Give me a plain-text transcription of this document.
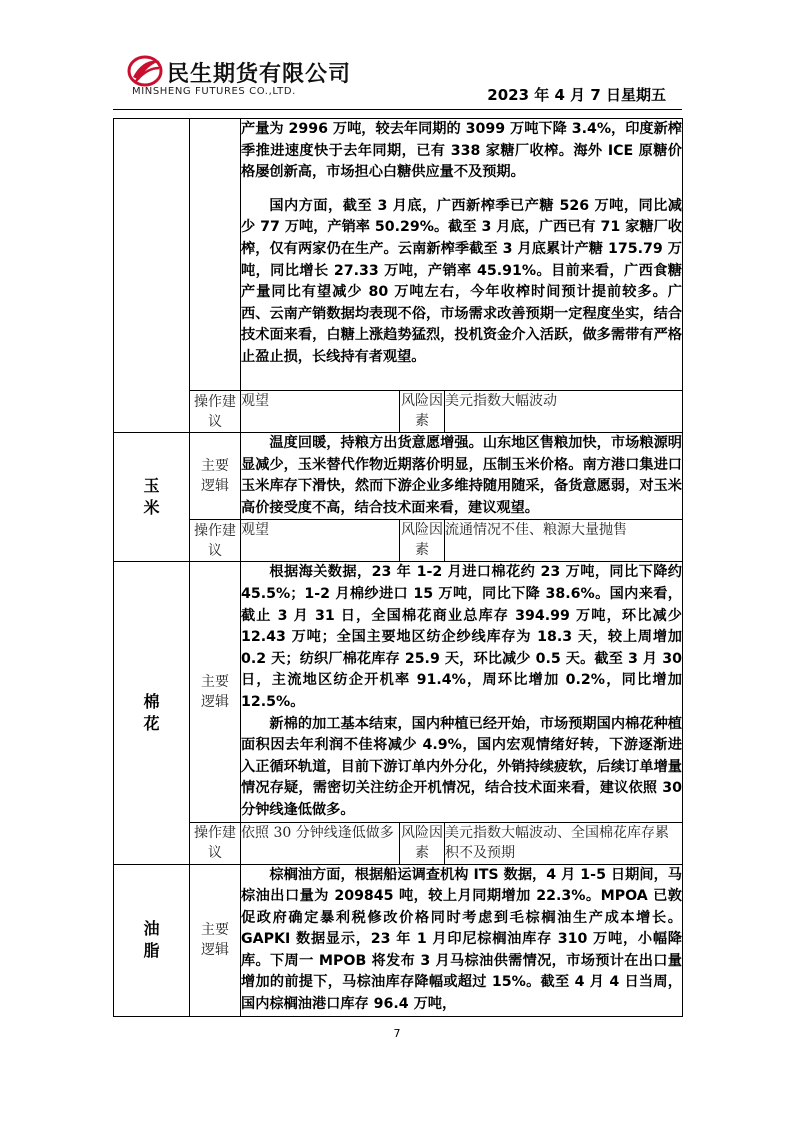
民生期货有限公司
MINSHENG FUTURES CO.,LTD.	2023 年 4 月 7 日星期五

		产量为 2996 万吨，较去年同期的 3099 万吨下降 3.4%，印度新榨季推进速度快于去年同期，已有 338 家糖厂收榨。海外 ICE 原糖价格屡创新高，市场担心白糖供应量不及预期。

国内方面，截至 3 月底，广西新榨季已产糖 526 万吨，同比减少 77 万吨，产销率 50.29%。截至 3 月底，广西已有 71 家糖厂收榨，仅有两家仍在生产。云南新榨季截至 3 月底累计产糖 175.79 万吨，同比增长 27.33 万吨，产销率 45.91%。目前来看，广西食糖产量同比有望减少 80 万吨左右，今年收榨时间预计提前较多。广西、云南产销数据均表现不俗，市场需求改善预期一定程度坐实，结合技术面来看，白糖上涨趋势猛烈，投机资金介入活跃，做多需带有严格止盈止损，长线持有者观望。		

	操作建议	观望	风险因素	美元指数大幅波动

玉米	主要逻辑	温度回暖，持粮方出货意愿增强。山东地区售粮加快，市场粮源明显减少，玉米替代作物近期落价明显，压制玉米价格。南方港口集进口玉米库存下滑快，然而下游企业多维持随用随采，备货意愿弱，对玉米高价接受度不高，结合技术面来看，建议观望。		

	操作建议	观望	风险因素	流通情况不佳、粮源大量抛售

棉花	主要逻辑	根据海关数据，23 年 1-2 月进口棉花约 23 万吨，同比下降约 45.5%；1-2 月棉纱进口 15 万吨，同比下降 38.6%。国内来看，截止 3 月 31 日，全国棉花商业总库存 394.99 万吨，环比减少 12.43 万吨；全国主要地区纺企纱线库存为 18.3 天，较上周增加 0.2 天；纺织厂棉花库存 25.9 天，环比减少 0.5 天。截至 3 月 30 日，主流地区纺企开机率 91.4%，周环比增加 0.2%，同比增加 12.5%。

新棉的加工基本结束，国内种植已经开始，市场预期国内棉花种植面积因去年利润不佳将减少 4.9%，国内宏观情绪好转，下游逐渐进入正循环轨道，目前下游订单内外分化，外销持续疲软，后续订单增量情况存疑，需密切关注纺企开机情况，结合技术面来看，建议依照 30 分钟线逢低做多。		

	操作建议	依照 30 分钟线逢低做多	风险因素	美元指数大幅波动、全国棉花库存累积不及预期

油脂	主要逻辑	棕榈油方面，根据船运调查机构 ITS 数据，4 月 1-5 日期间，马棕油出口量为 209845 吨，较上月同期增加 22.3%。MPOA 已敦促政府确定暴利税修改价格同时考虑到毛棕榈油生产成本增长。GAPKI 数据显示，23 年 1 月印尼棕榈油库存 310 万吨，小幅降库。下周一 MPOB 将发布 3 月马棕油供需情况，市场预计在出口量增加的前提下，马棕油库存降幅或超过 15%。截至 4 月 4 日当周，国内棕榈油港口库存 96.4 万吨，		

7
